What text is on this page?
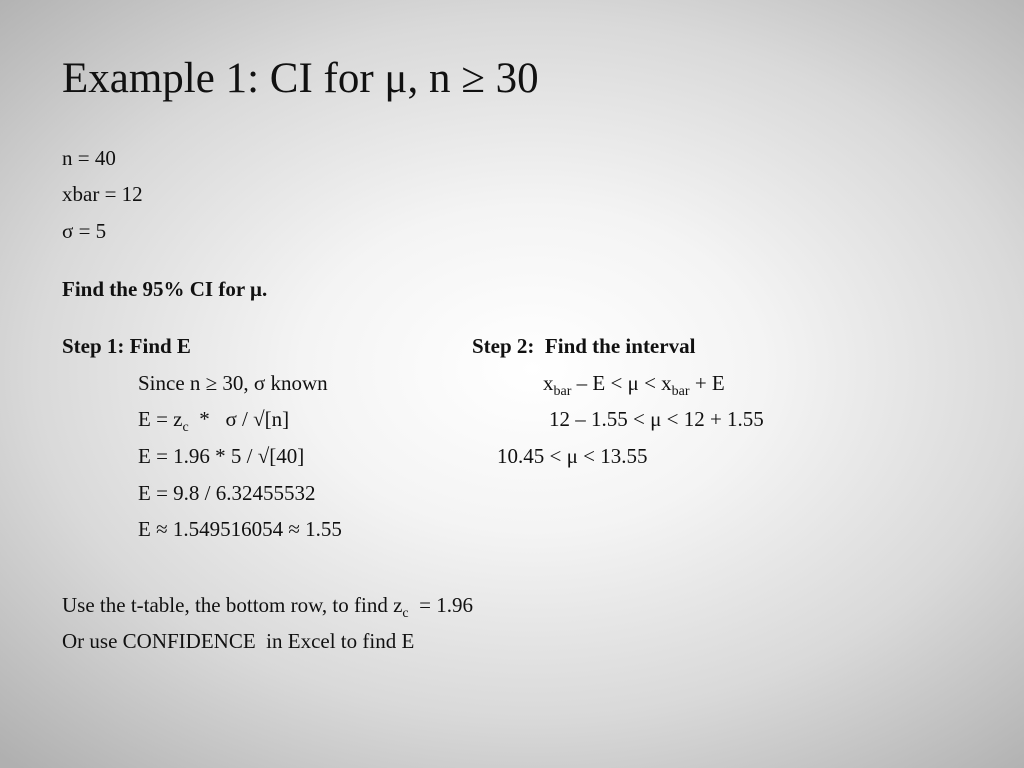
Example 1: CI for μ, n ≥ 30
n = 40
xbar = 12
σ = 5
Find the 95% CI for μ.
Step 1: Find E
Since n ≥ 30, σ known
$E = z_c * \sigma / √[n]$
E = 1.96 * 5 / √[40]
E = 9.8 / 6.32455532
E ≈ 1.549516054 ≈ 1.55
Step 2:  Find the interval
$x_{bar} - E < \mu < x_{bar} + E$
12 – 1.55 < μ < 12 + 1.55
10.45 < μ < 13.55
Use the t-table, the bottom row, to find $z_c = 1.96$
Or use CONFIDENCE  in Excel to find E
